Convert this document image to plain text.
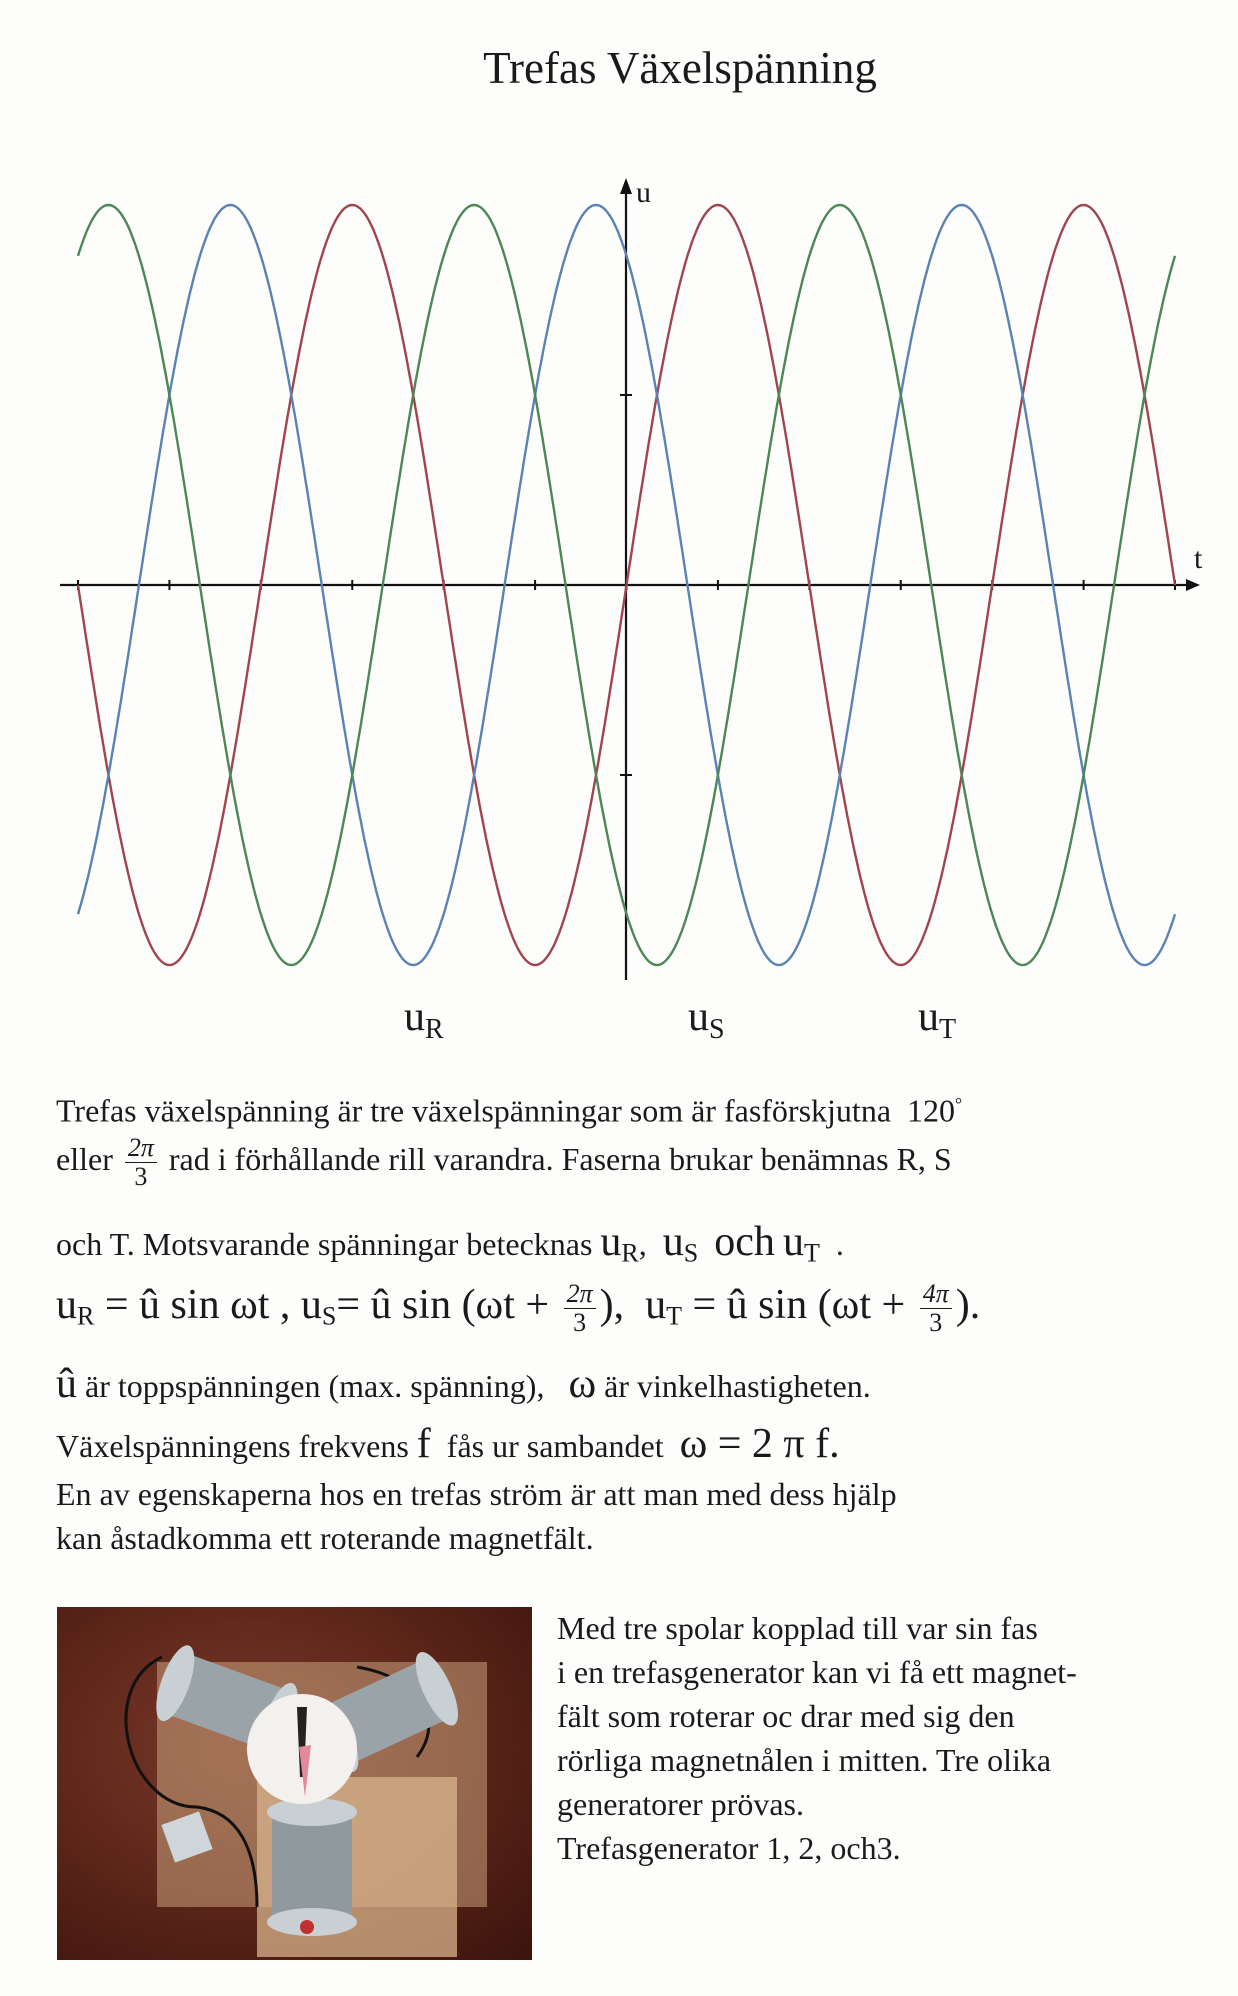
Trefas Växelspänning
u
t
uR	uS	uT
Trefas växelspänning är tre växelspänningar som är fasförskjutna 120°
eller $\frac{2\pi}{3}$ rad i förhållande rill varandra. Faserna brukar benämnas R, S
och T. Motsvarande spänningar betecknas $u_R$, $u_S$ och $u_T$ .
$u_R$ = û sin ωt , $u_S=$ û $\sin (\omega t + \frac{2\pi}{3}$ ), $u_T$ = û $\sin (\omega t + \frac{4\pi}{3}$ ).
û är toppspänningen (max. spänning), ω är vinkelhastigheten.
Växelspänningens frekvens f fås ur sambandet ω = 2 π f.
En av egenskaperna hos en trefas ström är att man med dess hjälp
kan åstadkomma ett roterande magnetfält.
Med tre spolar kopplad till var sin fas
i en trefasgenerator kan vi få ett magnet-
fält som roterar oc drar med sig den
rörliga magnetnålen i mitten. Tre olika
generatorer prövas.
Trefasgenerator 1, 2, och3.
